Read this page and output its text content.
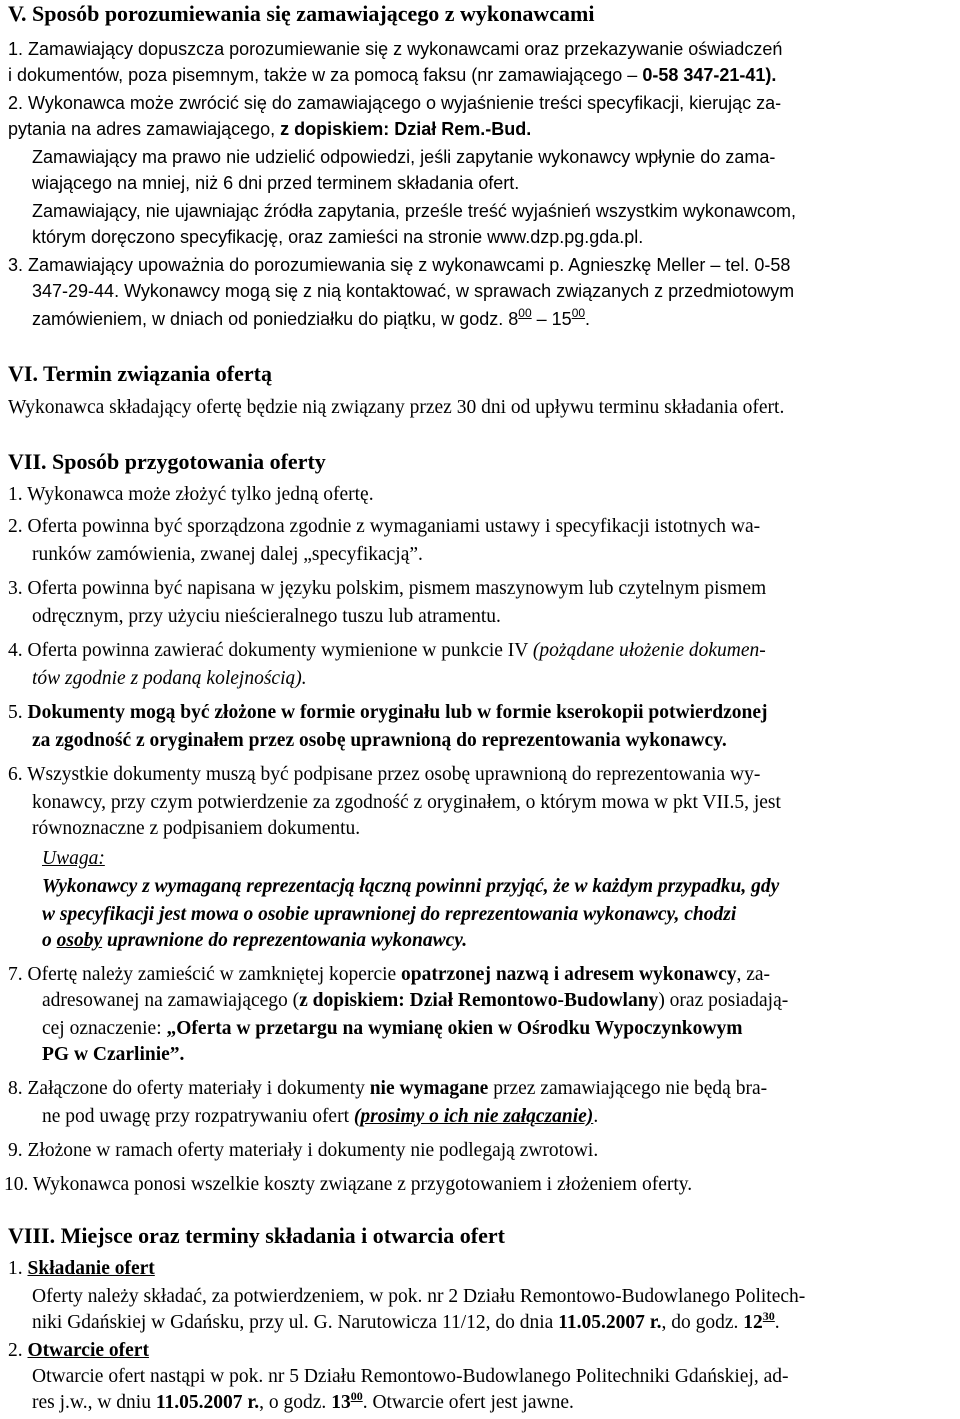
V. Sposób porozumiewania się zamawiającego z wykonawcami
1. Zamawiający dopuszcza porozumiewanie się z wykonawcami oraz przekazywanie oświadczeń
i dokumentów, poza pisemnym, także w za pomocą faksu (nr zamawiającego – 0-58 347-21-41).
2. Wykonawca może zwrócić się do zamawiającego o wyjaśnienie treści specyfikacji, kierując za-
pytania na adres zamawiającego, z dopiskiem: Dział Rem.-Bud.
Zamawiający ma prawo nie udzielić odpowiedzi, jeśli zapytanie wykonawcy wpłynie do zama-
wiającego na mniej, niż 6 dni przed terminem składania ofert.
Zamawiający, nie ujawniając źródła zapytania, prześle treść wyjaśnień wszystkim wykonawcom,
którym doręczono specyfikację, oraz zamieści na stronie www.dzp.pg.gda.pl.
3. Zamawiający upoważnia do porozumiewania się z wykonawcami p. Agnieszkę Meller – tel. 0-58
347-29-44. Wykonawcy mogą się z nią kontaktować, w sprawach związanych z przedmiotowym
zamówieniem, w dniach od poniedziałku do piątku, w godz. $8^{00} - 15^{00}$.
VI. Termin związania ofertą
Wykonawca składający ofertę będzie nią związany przez 30 dni od upływu terminu składania ofert.
VII. Sposób przygotowania oferty
1. Wykonawca może złożyć tylko jedną ofertę.
2. Oferta powinna być sporządzona zgodnie z wymaganiami ustawy i specyfikacji istotnych wa-
runków zamówienia, zwanej dalej „specyfikacją”.
3. Oferta powinna być napisana w języku polskim, pismem maszynowym lub czytelnym pismem
odręcznym, przy użyciu nieścieralnego tuszu lub atramentu.
4. Oferta powinna zawierać dokumenty wymienione w punkcie IV (pożądane ułożenie dokumen-
tów zgodnie z podaną kolejnością).
5. Dokumenty mogą być złożone w formie oryginału lub w formie kserokopii potwierdzonej
za zgodność z oryginałem przez osobę uprawnioną do reprezentowania wykonawcy.
6. Wszystkie dokumenty muszą być podpisane przez osobę uprawnioną do reprezentowania wy-
konawcy, przy czym potwierdzenie za zgodność z oryginałem, o którym mowa w pkt VII.5, jest
równoznaczne z podpisaniem dokumentu.
Uwaga:
Wykonawcy z wymaganą reprezentacją łączną powinni przyjąć, że w każdym przypadku, gdy
w specyfikacji jest mowa o osobie uprawnionej do reprezentowania wykonawcy, chodzi
o osoby uprawnione do reprezentowania wykonawcy.
7. Ofertę należy zamieścić w zamkniętej kopercie opatrzonej nazwą i adresem wykonawcy, za-
adresowanej na zamawiającego (z dopiskiem: Dział Remontowo-Budowlany) oraz posiadają-
cej oznaczenie: „Oferta w przetargu na wymianę okien w Ośrodku Wypoczynkowym
PG w Czarlinie”.
8. Załączone do oferty materiały i dokumenty nie wymagane przez zamawiającego nie będą bra-
ne pod uwagę przy rozpatrywaniu ofert (prosimy o ich nie załączanie).
9. Złożone w ramach oferty materiały i dokumenty nie podlegają zwrotowi.
10. Wykonawca ponosi wszelkie koszty związane z przygotowaniem i złożeniem oferty.
VIII. Miejsce oraz terminy składania i otwarcia ofert
1. Składanie ofert
Oferty należy składać, za potwierdzeniem, w pok. nr 2 Działu Remontowo-Budowlanego Politech-
niki Gdańskiej w Gdańsku, przy ul. G. Narutowicza 11/12, do dnia 11.05.2007 r., do godz. $12^{30}$.
2. Otwarcie ofert
Otwarcie ofert nastąpi w pok. nr 5 Działu Remontowo-Budowlanego Politechniki Gdańskiej, ad-
res j.w., w dniu 11.05.2007 r., o godz. $13^{00}$. Otwarcie ofert jest jawne.
